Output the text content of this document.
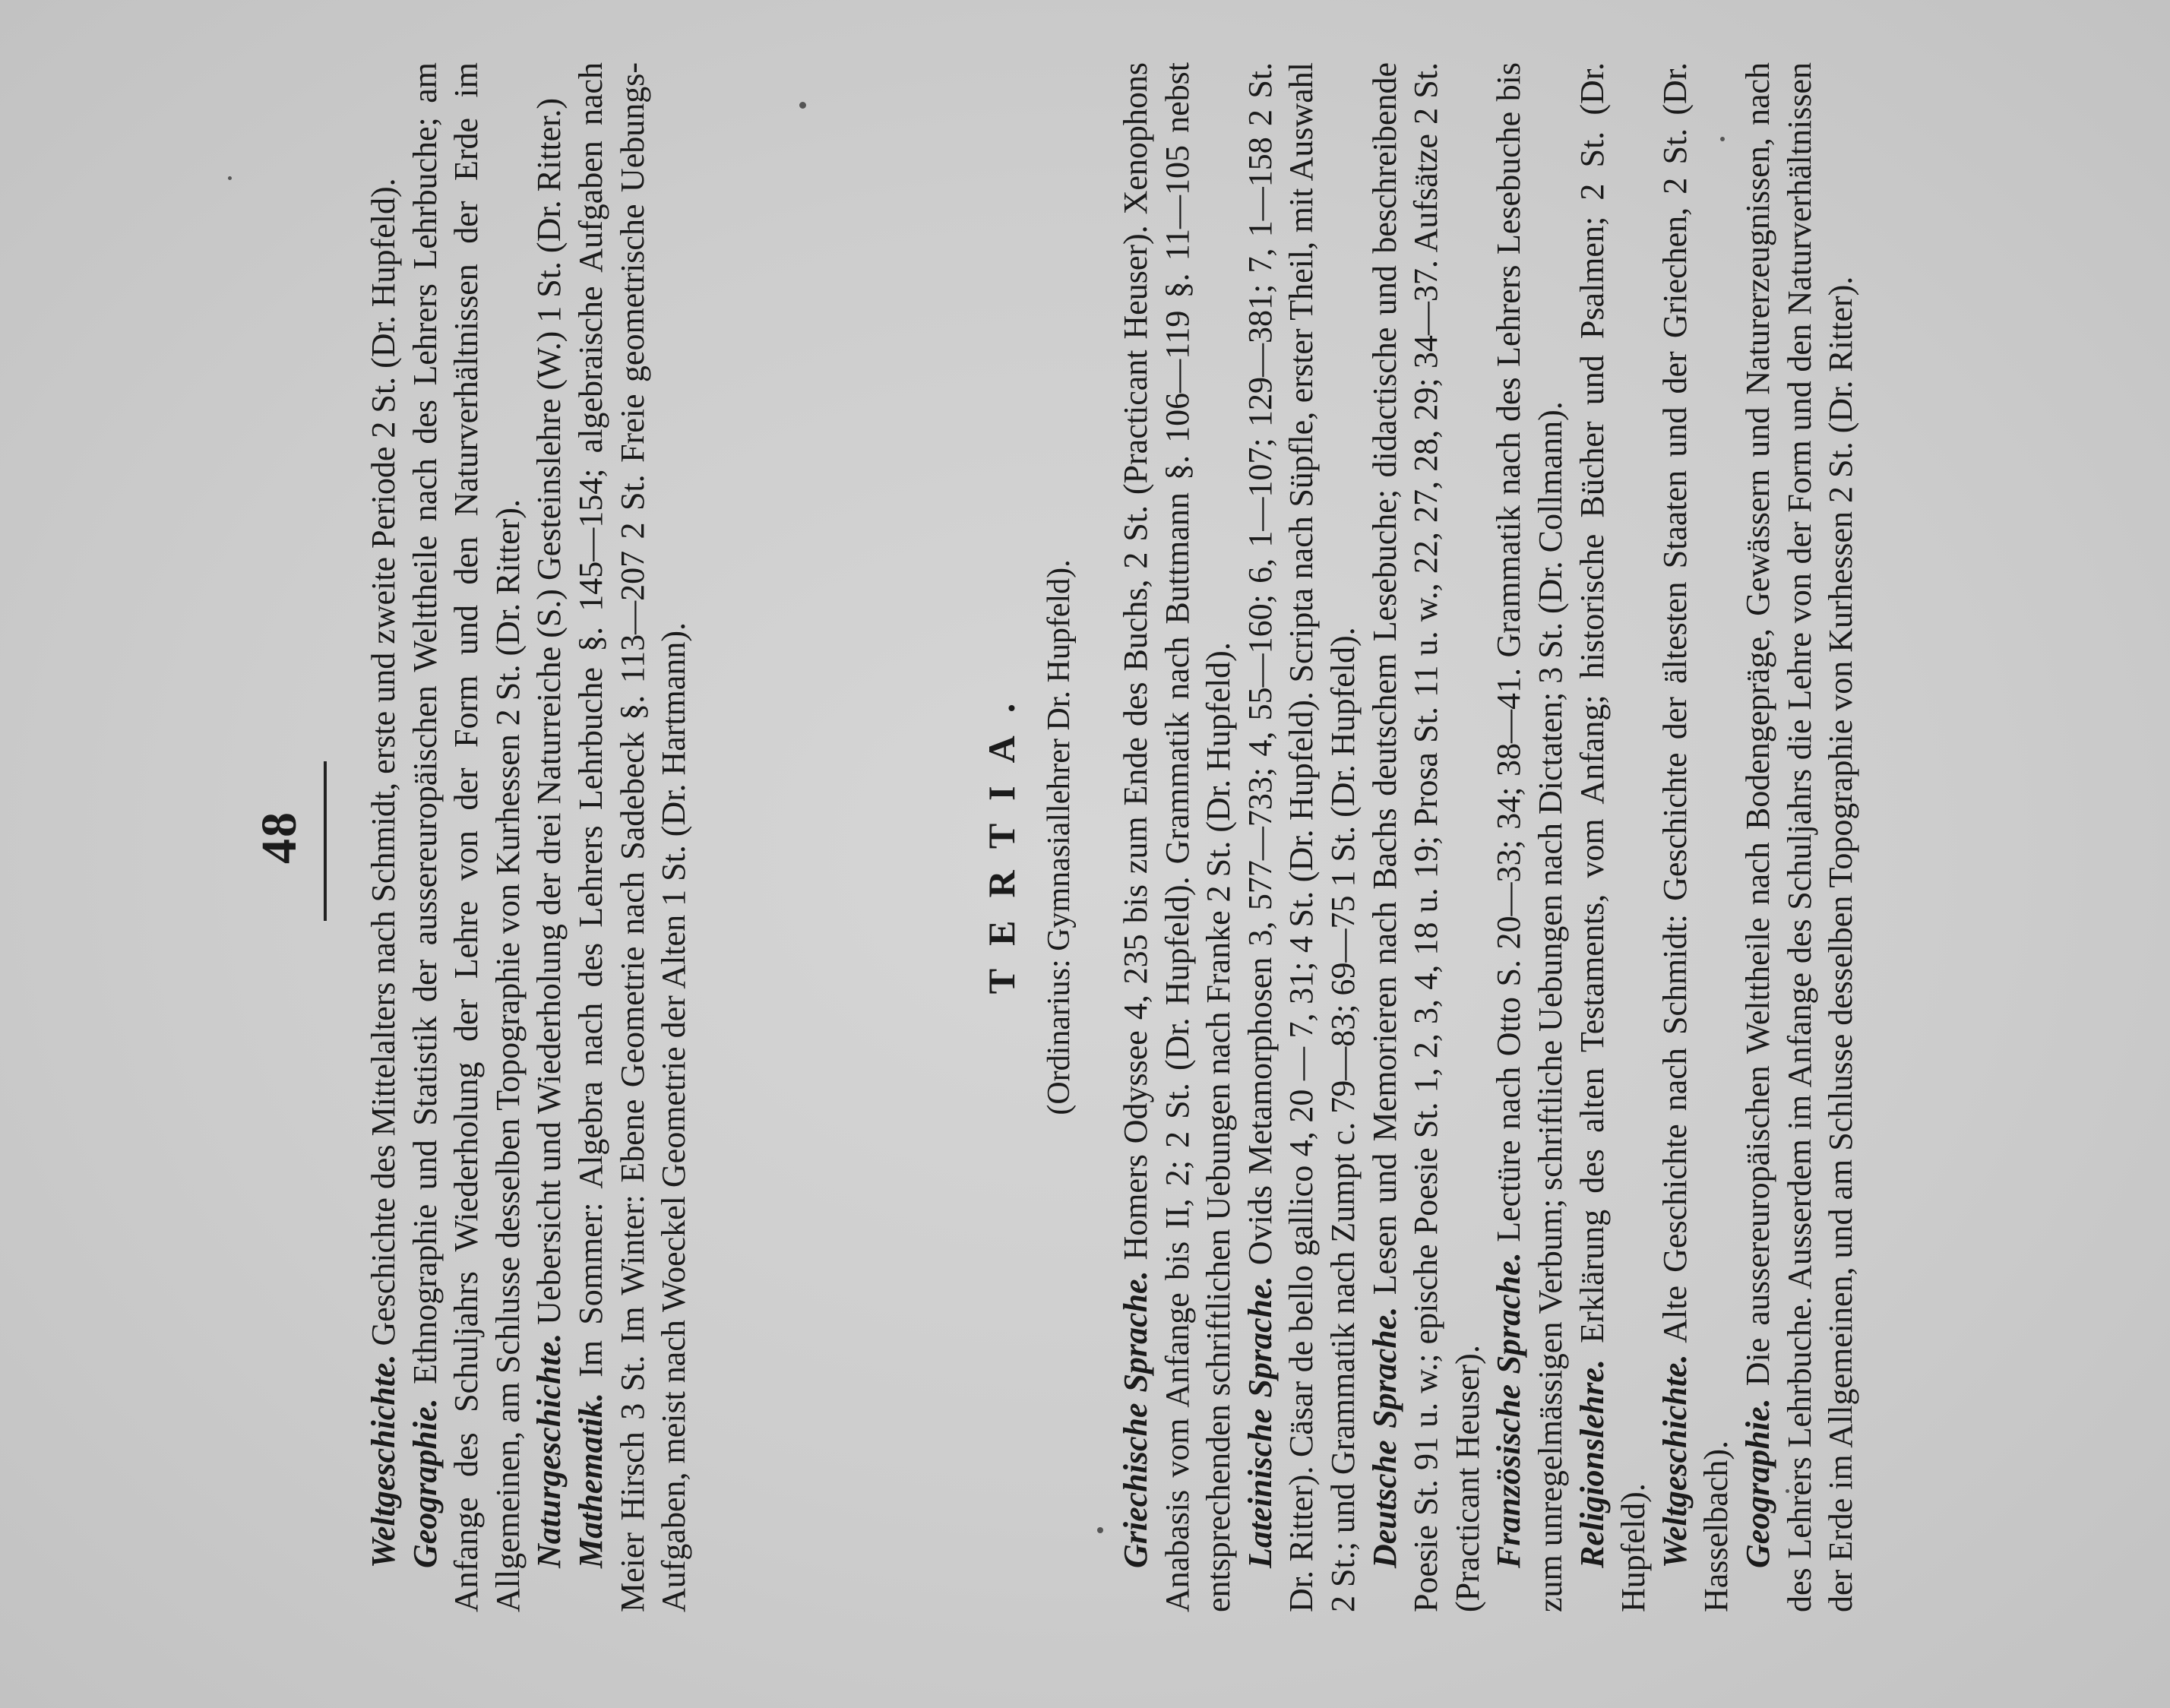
48

Weltgeschichte. Geschichte des Mittelalters nach Schmidt, erste und zweite Periode 2 St. (Dr. Hupfeld).

Geographie. Ethnographie und Statistik der aussereuropäischen Welttheile nach des Lehrers Lehrbuche; am Anfange des Schuljahrs Wiederholung der Lehre von der Form und den Naturverhältnissen der Erde im Allgemeinen, am Schlusse desselben Topographie von Kurhessen 2 St. (Dr. Ritter). Naturgeschichte. Uebersicht und Wiederholung der drei Naturreiche (S.) Gesteinslehre (W.) 1 St. (Dr. Ritter.)

Mathematik. Im Sommer: Algebra nach des Lehrers Lehrbuche §. 145—154; algebraische Aufgaben nach Meier Hirsch 3 St. Im Winter: Ebene Geometrie nach Sadebeck §. 113—207 2 St. Freie geometrische Uebungs-Aufgaben, meist nach Woeckel Geometrie der Alten 1 St. (Dr. Hartmann).	TERTIA. (Ordinarius: Gymnasiallehrer Dr. Hupfeld).

Griechische Sprache. Homers Odyssee 4, 235 bis zum Ende des Buchs, 2 St. (Practicant Heuser). Xenophons Anabasis vom Anfange bis II, 2; 2 St. (Dr. Hupfeld). Grammatik nach Buttmann §. 106—119 §. 11—105 nebst entsprechenden schriftlichen Uebungen nach Franke 2 St. (Dr. Hupfeld). Lateinische Sprache. Ovids Metamorphosen 3, 577—733; 4, 55—160; 6, 1—107; 129—381; 7, 1—158 2 St. Dr. Ritter). Cäsar de bello gallico 4, 20 — 7, 31; 4 St. (Dr. Hupfeld). Scripta nach Süpfle, erster Theil, mit Auswahl 2 St.; und Grammatik nach Zumpt c. 79—83; 69—75 1 St. (Dr. Hupfeld). Deutsche Sprache. Lesen und Memorieren nach Bachs deutschem Lesebuche; didactische und beschreibende Poesie St. 91 u. w.; epische Poesie St. 1, 2, 3, 4, 18 u. 19; Prosa St. 11 u. w., 22, 27, 28, 29; 34—37. Aufsätze 2 St. (Practicant Heuser). Französische Sprache. Lectüre nach Otto S. 20—33; 34; 38—41. Grammatik nach des Lehrers Lesebuche bis zum unregelmässigen Verbum; schriftliche Uebungen nach Dictaten; 3 St. (Dr. Collmann). Religionslehre. Erklärung des alten Testaments, vom Anfang; historische Bücher und Psalmen; 2 St. (Dr. Hupfeld). Weltgeschichte. Alte Geschichte nach Schmidt: Geschichte der ältesten Staaten und der Griechen, 2 St. (Dr. Hasselbach). Geographie. Die aussereuropäischen Welttheile nach Bodengepräge, Gewässern und Naturerzeugnissen, nach des Lehrers Lehrbuche. Ausserdem im Anfange des Schuljahrs die Lehre von der Form und den Naturverhältnissen der Erde im Allgemeinen, und am Schlusse desselben Topographie von Kurhessen 2 St. (Dr. Ritter).
